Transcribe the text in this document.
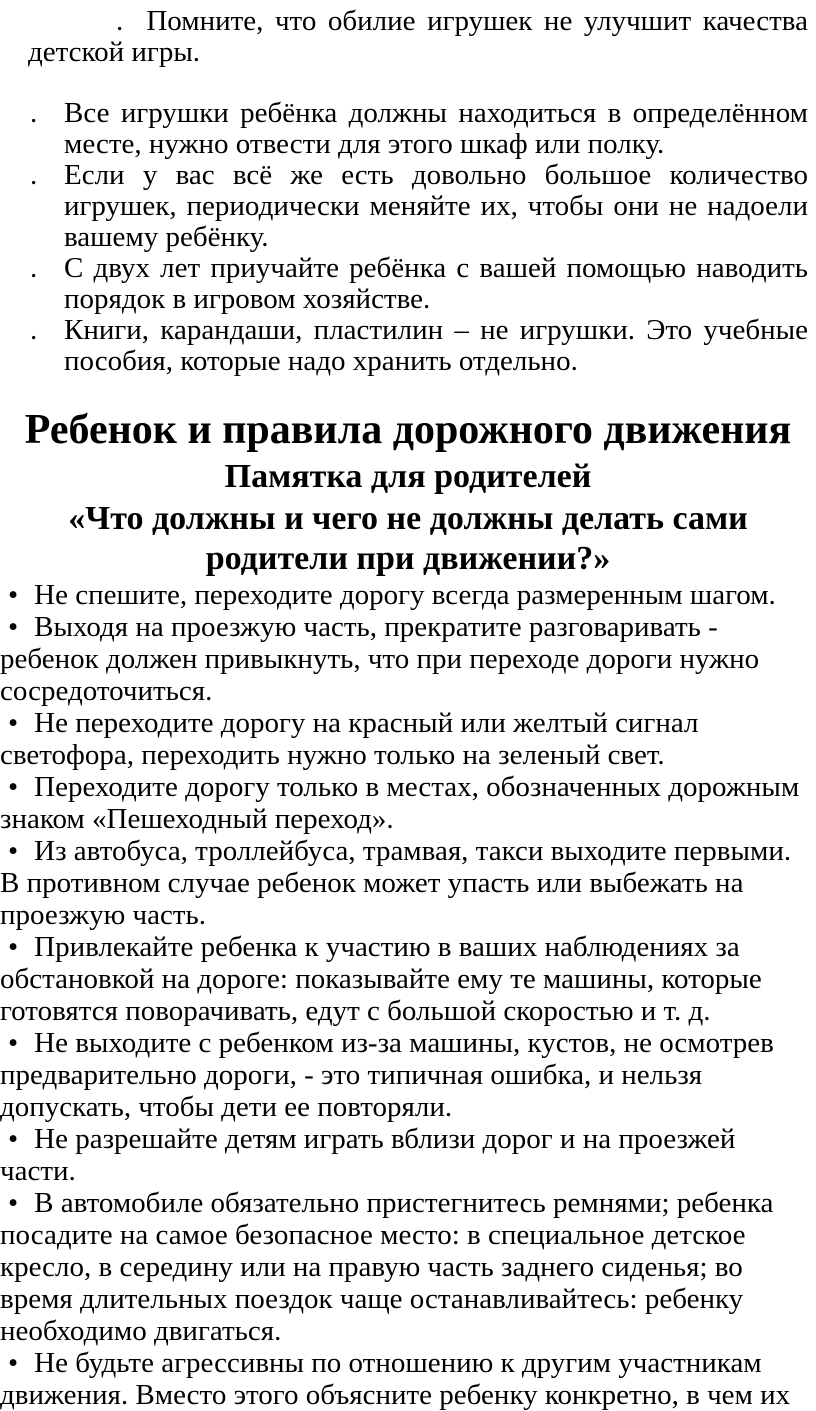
. Помните, что обилие игрушек не улучшит качества детской игры.

. Все игрушки ребёнка должны находиться в определённом месте, нужно отвести для этого шкаф или полку.
. Если у вас всё же есть довольно большое количество игрушек, периодически меняйте их, чтобы они не надоели вашему ребёнку.
. С двух лет приучайте ребёнка с вашей помощью наводить порядок в игровом хозяйстве.
. Книги, карандаши, пластилин – не игрушки. Это учебные пособия, которые надо хранить отдельно.
Ребенок и правила дорожного движения
Памятка для родителей
«Что должны и чего не должны делать сами родители при движении?»
• Не спешите, переходите дорогу всегда размеренным шагом.
• Выходя на проезжую часть, прекратите разговаривать - ребенок должен привыкнуть, что при переходе дороги нужно сосредоточиться.
• Не переходите дорогу на красный или желтый сигнал светофора, переходить нужно только на зеленый свет.
• Переходите дорогу только в местах, обозначенных дорожным знаком «Пешеходный переход».
• Из автобуса, троллейбуса, трамвая, такси выходите первыми. В противном случае ребенок может упасть или выбежать на проезжую часть.
• Привлекайте ребенка к участию в ваших наблюдениях за обстановкой на дороге: показывайте ему те машины, которые готовятся поворачивать, едут с большой скоростью и т. д.
• Не выходите с ребенком из-за машины, кустов, не осмотрев предварительно дороги, - это типичная ошибка, и нельзя допускать, чтобы дети ее повторяли.
• Не разрешайте детям играть вблизи дорог и на проезжей части.
• В автомобиле обязательно пристегнитесь ремнями; ребенка посадите на самое безопасное место: в специальное детское кресло, в середину или на правую часть заднего сиденья; во время длительных поездок чаще останавливайтесь: ребенку необходимо двигаться.
• Не будьте агрессивны по отношению к другим участникам движения. Вместо этого объясните ребенку конкретно, в чем их
